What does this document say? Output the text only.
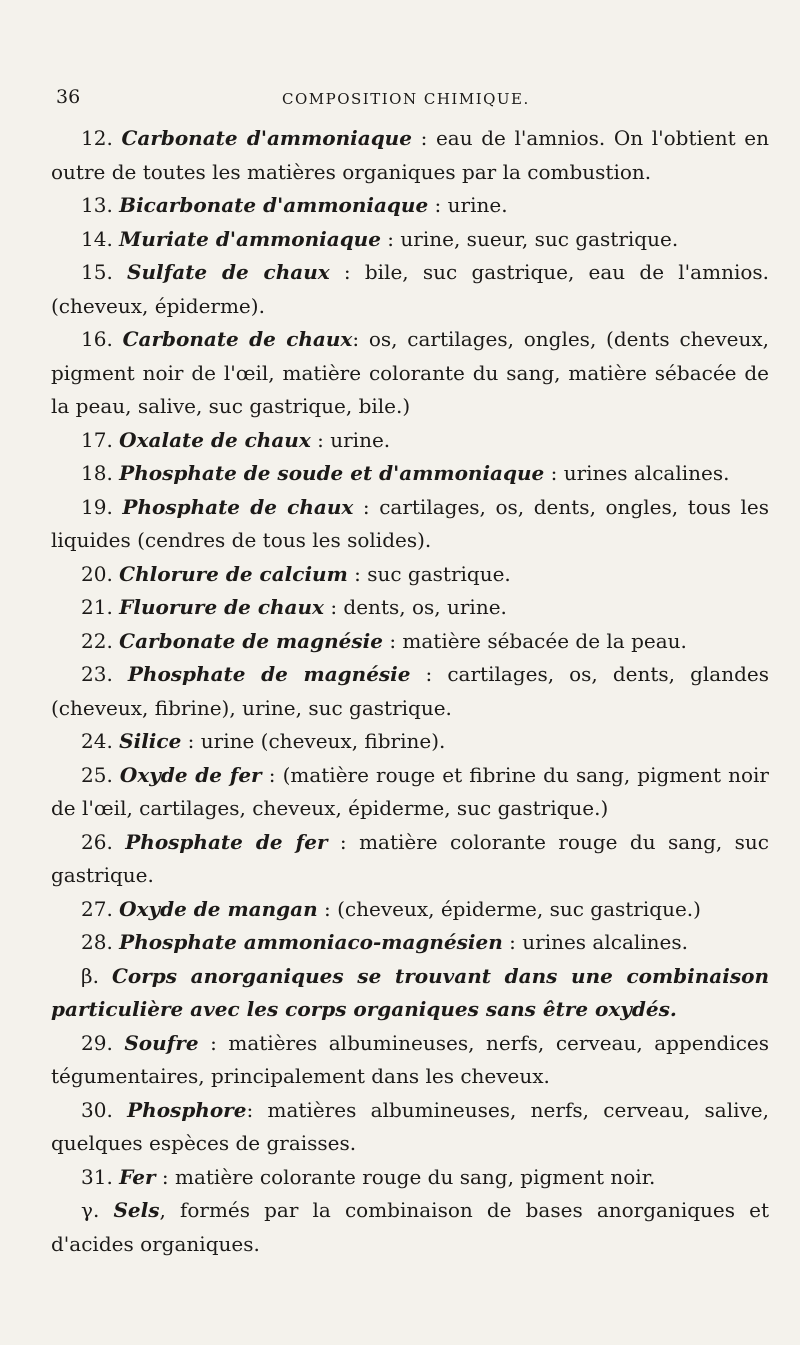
36	COMPOSITION CHIMIQUE.

12. Carbonate d'ammoniaque : eau de l'amnios. On l'obtient en outre de toutes les matières organiques par la combustion.

13. Bicarbonate d'ammoniaque : urine.

14. Muriate d'ammoniaque : urine, sueur, suc gastrique.

15. Sulfate de chaux : bile, suc gastrique, eau de l'amnios. (cheveux, épiderme).

16. Carbonate de chaux: os, cartilages, ongles, (dents cheveux, pigment noir de l'œil, matière colorante du sang, matière sébacée de la peau, salive, suc gastrique, bile.)

17. Oxalate de chaux : urine.

18. Phosphate de soude et d'ammoniaque : urines alcalines.

19. Phosphate de chaux : cartilages, os, dents, ongles, tous les liquides (cendres de tous les solides).

20. Chlorure de calcium : suc gastrique.

21. Fluorure de chaux : dents, os, urine.

22. Carbonate de magnésie : matière sébacée de la peau.

23. Phosphate de magnésie : cartilages, os, dents, glandes (cheveux, fibrine), urine, suc gastrique.

24. Silice : urine (cheveux, fibrine).

25. Oxyde de fer : (matière rouge et fibrine du sang, pigment noir de l'œil, cartilages, cheveux, épiderme, suc gastrique.)

26. Phosphate de fer : matière colorante rouge du sang, suc gastrique.

27. Oxyde de mangan : (cheveux, épiderme, suc gastrique.)

28. Phosphate ammoniaco-magnésien : urines alcalines.

β. Corps anorganiques se trouvant dans une combinaison particulière avec les corps organiques sans être oxydés.

29. Soufre : matières albumineuses, nerfs, cerveau, appendices tégumentaires, principalement dans les cheveux.

30. Phosphore: matières albumineuses, nerfs, cerveau, salive, quelques espèces de graisses.

31. Fer : matière colorante rouge du sang, pigment noir.

γ. Sels, formés par la combinaison de bases anorganiques et d'acides organiques.
